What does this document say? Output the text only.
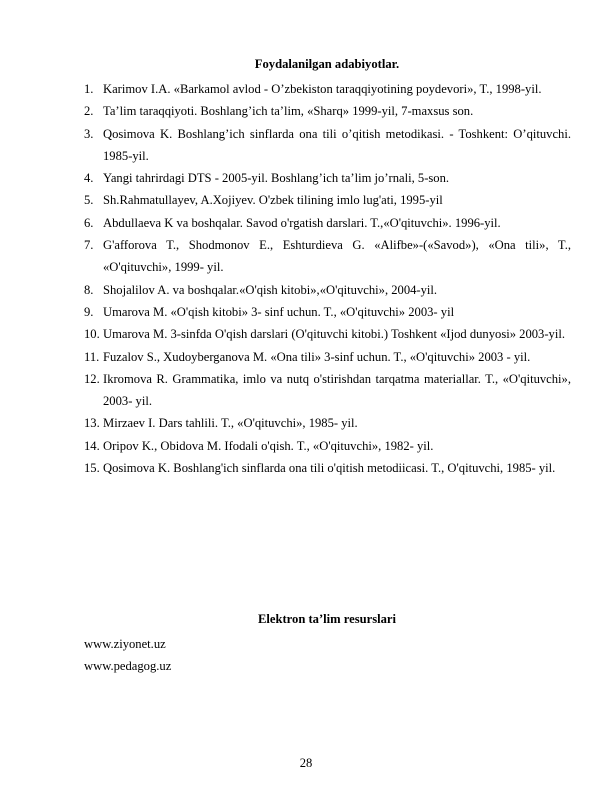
Foydalanilgan adabiyotlar.
1. Karimov I.A. «Barkamol avlod - O’zbekiston taraqqiyotining poydevori», T., 1998-yil.
2. Ta’lim taraqqiyoti. Boshlang’ich ta’lim, «Sharq» 1999-yil, 7-maxsus son.
3. Qosimova K. Boshlang’ich sinflarda ona tili o’qitish metodikasi. - Toshkent: O’qituvchi. 1985-yil.
4. Yangi tahrirdagi DTS - 2005-yil. Boshlang’ich ta’lim jo’rnali, 5-son.
5. Sh.Rahmatullayev, A.Xojiyev. O'zbek tilining imlo lug'ati, 1995-yil
6. Abdullaeva K va boshqalar. Savod o'rgatish darslari. T.,«O'qituvchi». 1996-yil.
7. G'afforova T., Shodmonov E., Eshturdieva G. «Alifbe»-(«Savod»), «Ona tili», T., «O'qituvchi», 1999- yil.
8. Shojalilov A. va boshqalar.«O'qish kitobi»,«O'qituvchi», 2004-yil.
9. Umarova M. «O'qish kitobi» 3- sinf uchun. T., «O'qituvchi» 2003- yil
10. Umarova M. 3-sinfda O'qish darslari (O'qituvchi kitobi.) Toshkent «Ijod dunyosi» 2003-yil.
11. Fuzalov S., Xudoyberganova M. «Ona tili» 3-sinf uchun. T., «O'qituvchi» 2003 - yil.
12. Ikromova R. Grammatika, imlo va nutq o'stirishdan tarqatma materiallar. T., «O'qituvchi», 2003- yil.
13. Mirzaev I. Dars tahlili. T., «O'qituvchi», 1985- yil.
14. Oripov K., Obidova M. Ifodali o'qish. T., «O'qituvchi», 1982- yil.
15. Qosimova K. Boshlang'ich sinflarda ona tili o'qitish metodiicasi. T., O'qituvchi, 1985- yil.
Elektron ta’lim resurslari
www.ziyonet.uz
www.pedagog.uz
28
